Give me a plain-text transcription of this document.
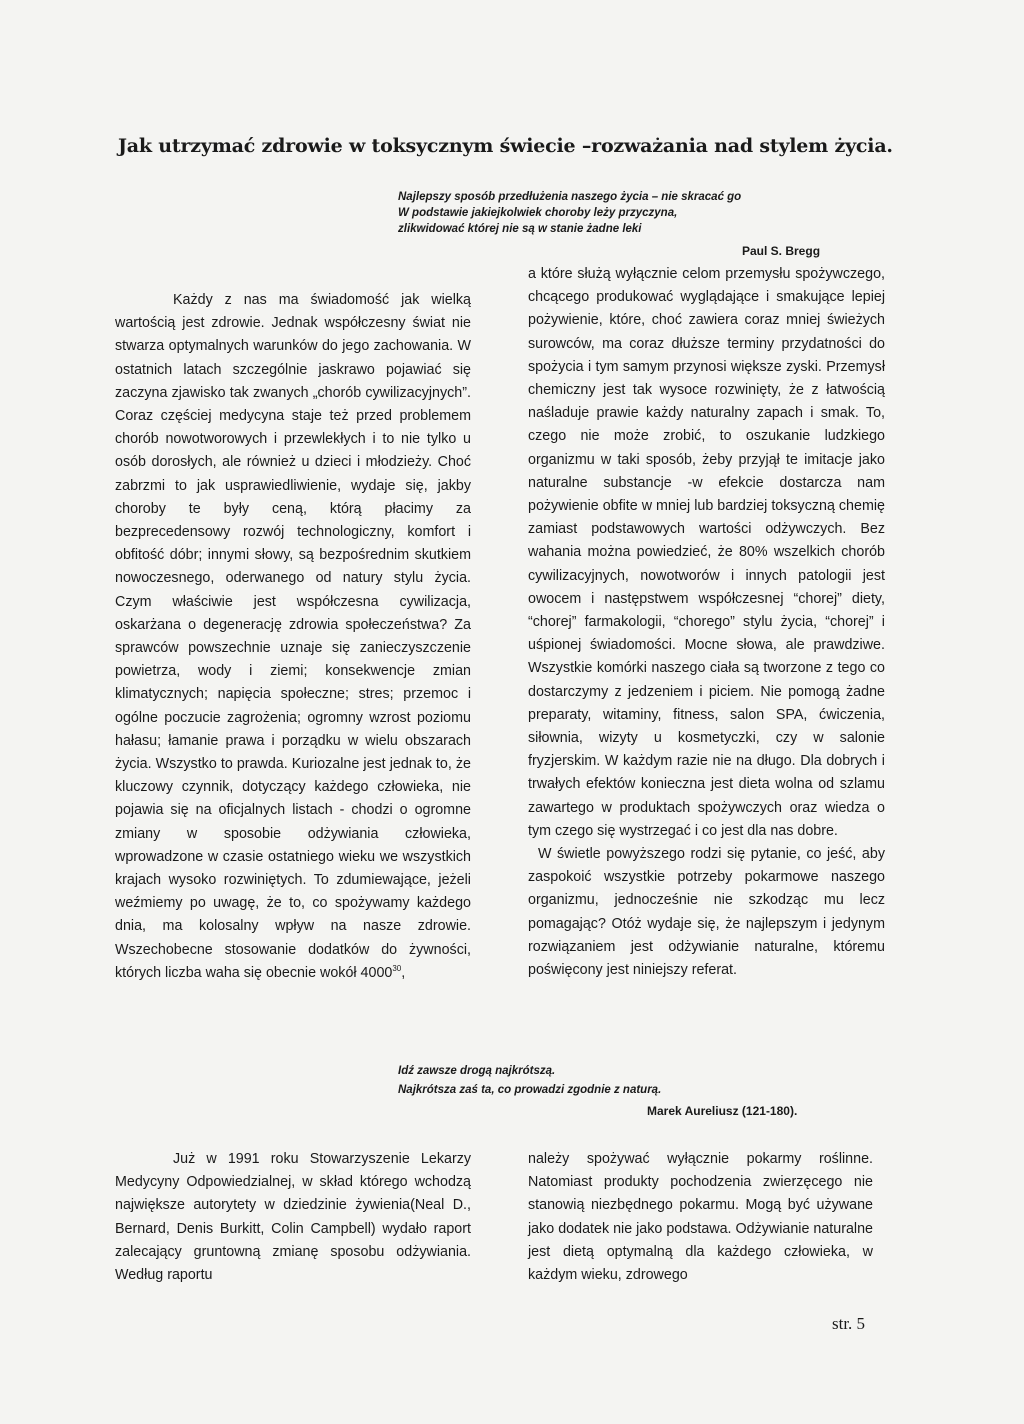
Jak utrzymać zdrowie w toksycznym świecie –rozważania nad stylem życia.
Najlepszy sposób przedłużenia naszego życia – nie skracać go
W podstawie jakiejkolwiek choroby leży przyczyna,
zlikwidować której nie są w stanie żadne leki
Paul S. Bregg

Każdy z nas ma świadomość jak wielką wartością jest zdrowie. Jednak współczesny świat nie stwarza optymalnych warunków do jego zachowania. W ostatnich latach szczególnie jaskrawo pojawiać się zaczyna zjawisko tak zwanych „chorób cywilizacyjnych”. Coraz częściej medycyna staje też przed problemem chorób nowotworowych i przewlekłych i to nie tylko u osób dorosłych, ale również u dzieci i młodzieży. Choć zabrzmi to jak usprawiedliwienie, wydaje się, jakby choroby te były ceną, którą płacimy za bezprecedensowy rozwój technologiczny, komfort i obfitość dóbr; innymi słowy, są bezpośrednim skutkiem nowoczesnego, oderwanego od natury stylu życia. Czym właściwie jest współczesna cywilizacja, oskarżana o degenerację zdrowia społeczeństwa? Za sprawców powszechnie uznaje się zanieczyszczenie powietrza, wody i ziemi; konsekwencje zmian klimatycznych; napięcia społeczne; stres; przemoc i ogólne poczucie zagrożenia; ogromny wzrost poziomu hałasu; łamanie prawa i porządku w wielu obszarach życia. Wszystko to prawda. Kuriozalne jest jednak to, że kluczowy czynnik, dotyczący każdego człowieka, nie pojawia się na oficjalnych listach - chodzi o ogromne zmiany w sposobie odżywiania człowieka, wprowadzone w czasie ostatniego wieku we wszystkich krajach wysoko rozwiniętych. To zdumiewające, jeżeli weźmiemy po uwagę, że to, co spożywamy każdego dnia, ma kolosalny wpływ na nasze zdrowie. Wszechobecne stosowanie dodatków do żywności, których liczba waha się obecnie wokół 4000$^{30}$,

a które służą wyłącznie celom przemysłu spożywczego, chcącego produkować wyglądające i smakujące lepiej pożywienie, które, choć zawiera coraz mniej świeżych surowców, ma coraz dłuższe terminy przydatności do spożycia i tym samym przynosi większe zyski. Przemysł chemiczny jest tak wysoce rozwinięty, że z łatwością naśladuje prawie każdy naturalny zapach i smak. To, czego nie może zrobić, to oszukanie ludzkiego organizmu w taki sposób, żeby przyjął te imitacje jako naturalne substancje -w efekcie dostarcza nam pożywienie obfite w mniej lub bardziej toksyczną chemię zamiast podstawowych wartości odżywczych. Bez wahania można powiedzieć, że 80% wszelkich chorób cywilizacyjnych, nowotworów i innych patologii jest owocem i następstwem współczesnej “chorej” diety, “chorej” farmakologii, “chorego” stylu życia, “chorej” i uśpionej świadomości. Mocne słowa, ale prawdziwe. Wszystkie komórki naszego ciała są tworzone z tego co dostarczymy z jedzeniem i piciem. Nie pomogą żadne preparaty, witaminy, fitness, salon SPA, ćwiczenia, siłownia, wizyty u kosmetyczki, czy w salonie fryzjerskim. W każdym razie nie na długo. Dla dobrych i trwałych efektów konieczna jest dieta wolna od szlamu zawartego w produktach spożywczych oraz wiedza o tym czego się wystrzegać i co jest dla nas dobre.

W świetle powyższego rodzi się pytanie, co jeść, aby zaspokoić wszystkie potrzeby pokarmowe naszego organizmu, jednocześnie nie szkodząc mu lecz pomagając? Otóż wydaje się, że najlepszym i jedynym rozwiązaniem jest odżywianie naturalne, któremu poświęcony jest niniejszy referat.

Idź zawsze drogą najkrótszą.
Najkrótsza zaś ta, co prowadzi zgodnie z naturą.
Marek Aureliusz (121-180).

Już w 1991 roku Stowarzyszenie Lekarzy Medycyny Odpowiedzialnej, w skład którego wchodzą największe autorytety w dziedzinie żywienia(Neal D., Bernard, Denis Burkitt, Colin Campbell) wydało raport zalecający gruntowną zmianę sposobu odżywiania. Według raportu

należy spożywać wyłącznie pokarmy roślinne. Natomiast produkty pochodzenia zwierzęcego nie stanowią niezbędnego pokarmu. Mogą być używane jako dodatek nie jako podstawa. Odżywianie naturalne jest dietą optymalną dla każdego człowieka, w każdym wieku, zdrowego

str. 5
